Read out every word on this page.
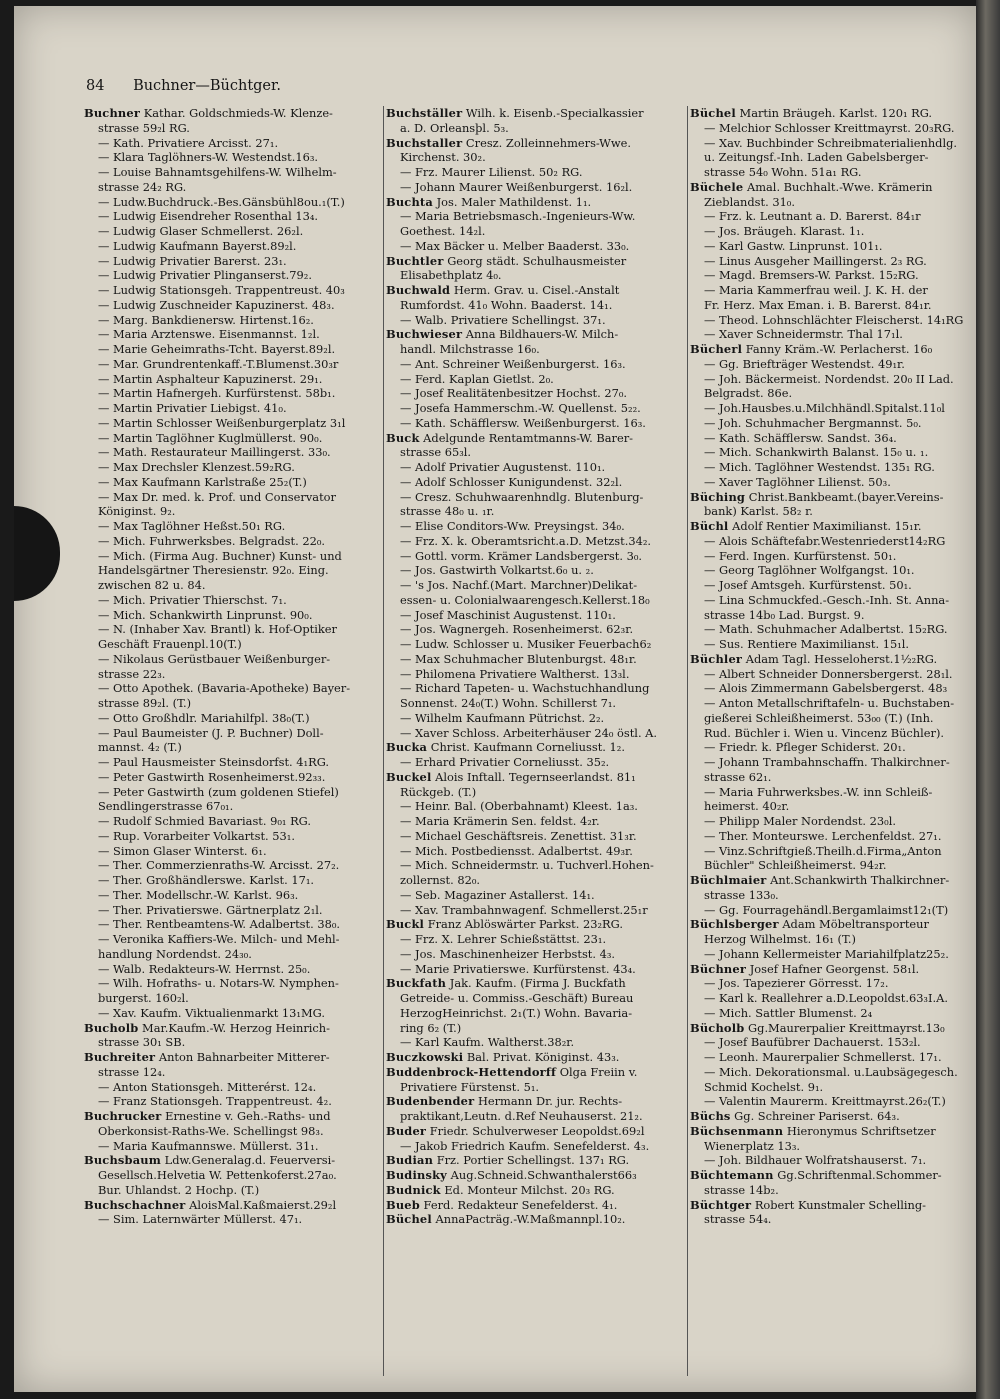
84 Buchner—Büchtger.
Buchner Kathar. Goldschmieds-W. Klenze-
strasse 59₂l RG.
— Kath. Privatiere Arcisst. 27₁.
— Klara Taglöhners-W. Westendst.16₃.
— Louise Bahnamtsgehilfens-W. Wilhelm-
strasse 24₂ RG.
— Ludw.Buchdruck.-Bes.Gänsbühl8ou.₁(T.)
— Ludwig Eisendreher Rosenthal 13₄.
— Ludwig Glaser Schmellerst. 26₂l.
— Ludwig Kaufmann Bayerst.89₂l.
— Ludwig Privatier Barerst. 23₁.
— Ludwig Privatier Plinganserst.79₂.
— Ludwig Stationsgeh. Trappentreust. 40₃
— Ludwig Zuschneider Kapuzinerst. 48₃.
— Marg. Bankdienersw. Hirtenst.16₂.
— Maria Arztenswe. Eisenmannst. 1₂l.
— Marie Geheimraths-Tcht. Bayerst.89₂l.
— Mar. Grundrentenkaff.-T.Blumenst.30₃r
— Martin Asphalteur Kapuzinerst. 29₁.
— Martin Hafnergeh. Kurfürstenst. 58b₁.
— Martin Privatier Liebigst. 41₀.
— Martin Schlosser Weißenburgerplatz 3₁l
— Martin Taglöhner Kuglmüllerst. 90₀.
— Math. Restaurateur Maillingerst. 33₀.
— Max Drechsler Klenzest.59₂RG.
— Max Kaufmann Karlstraße 25₂(T.)
— Max Dr. med. k. Prof. und Conservator
Königinst. 9₂.
— Max Taglöhner Heßst.50₁ RG.
— Mich. Fuhrwerksbes. Belgradst. 22₀.
— Mich. (Firma Aug. Buchner) Kunst- und
Handelsgärtner Theresienstr. 92₀. Eing.
zwischen 82 u. 84.
— Mich. Privatier Thierschst. 7₁.
— Mich. Schankwirth Linprunst. 90₀.
— N. (Inhaber Xav. Brantl) k. Hof-Optiker
Geschäft Frauenpl.10(T.)
— Nikolaus Gerüstbauer Weißenburger-
strasse 22₃.
— Otto Apothek. (Bavaria-Apotheke) Bayer-
strasse 89₂l. (T.)
— Otto Großhdlr. Mariahilfpl. 38₀(T.)
— Paul Baumeister (J. P. Buchner) Doll-
mannst. 4₂ (T.)
— Paul Hausmeister Steinsdorfst. 4₁RG.
— Peter Gastwirth Rosenheimerst.92₃₃.
— Peter Gastwirth (zum goldenen Stiefel)
Sendlingerstrasse 67₀₁.
— Rudolf Schmied Bavariast. 9₀₁ RG.
— Rup. Vorarbeiter Volkartst. 53₁.
— Simon Glaser Winterst. 6₁.
— Ther. Commerzienraths-W. Arcisst. 27₂.
— Ther. Großhändlerswe. Karlst. 17₁.
— Ther. Modellschr.-W. Karlst. 96₃.
— Ther. Privatierswe. Gärtnerplatz 2₁l.
— Ther. Rentbeamtens-W. Adalbertst. 38₀.
— Veronika Kaffiers-We. Milch- und Mehl-
handlung Nordendst. 24₃₀.
— Walb. Redakteurs-W. Herrnst. 25₀.
— Wilh. Hofraths- u. Notars-W. Nymphen-
burgerst. 160₂l.
— Xav. Kaufm. Viktualienmarkt 13₁MG.
Bucholb Mar.Kaufm.-W. Herzog Heinrich-
strasse 30₁ SB.
Buchreiter Anton Bahnarbeiter Mitterer-
strasse 12₄.
— Anton Stationsgeh. Mitterérst. 12₄.
— Franz Stationsgeh. Trappentreust. 4₂.
Buchrucker Ernestine v. Geh.-Raths- und
Oberkonsist-Raths-We. Schellingst 98₃.
— Maria Kaufmannswe. Müllerst. 31₁.
Buchsbaum Ldw.Generalag.d. Feuerversi-
Gesellsch.Helvetia W. Pettenkoferst.27a₀.
Bur. Uhlandst. 2 Hochp. (T.)
Buchschachner AloisMal.Kaßmaierst.29₂l
— Sim. Laternwärter Müllerst. 47₁.
Buchställer Wilh. k. Eisenb.-Specialkassier
a. D. Orleansþl. 5₃.
Buchstaller Cresz. Zolleinnehmers-Wwe.
Kirchenst. 30₂.
— Frz. Maurer Lilienst. 50₂ RG.
— Johann Maurer Weißenburgerst. 16₂l.
Buchta Jos. Maler Mathildenst. 1₁.
— Maria Betriebsmasch.-Ingenieurs-Ww.
Goethest. 14₂l.
— Max Bäcker u. Melber Baaderst. 33₀.
Buchtler Georg städt. Schulhausmeister
Elisabethplatz 4₀.
Buchwald Herm. Grav. u. Cisel.-Anstalt
Rumfordst. 41₀ Wohn. Baaderst. 14₁.
— Walb. Privatiere Schellingst. 37₁.
Buchwieser Anna Bildhauers-W. Milch-
handl. Milchstrasse 16₀.
— Ant. Schreiner Weißenburgerst. 16₃.
— Ferd. Kaplan Gietlst. 2₀.
— Josef Realitätenbesitzer Hochst. 27₀.
— Josefa Hammerschm.-W. Quellenst. 5₂₂.
— Kath. Schäfflersw. Weißenburgerst. 16₃.
Buck Adelgunde Rentamtmanns-W. Barer-
strasse 65₃l.
— Adolf Privatier Augustenst. 110₁.
— Adolf Schlosser Kunigundenst. 32₂l.
— Cresz. Schuhwaarenhndlg. Blutenburg-
strasse 48₀ u. ₁r.
— Elise Conditors-Ww. Preysingst. 34₀.
— Frz. X. k. Oberamtsricht.a.D. Metzst.34₂.
— Gottl. vorm. Krämer Landsbergerst. 3₀.
— Jos. Gastwirth Volkartst.6₀ u. ₂.
— 's Jos. Nachf.(Mart. Marchner)Delikat-
essen- u. Colonialwaarengesch.Kellerst.18₀
— Josef Maschinist Augustenst. 110₁.
— Jos. Wagnergeh. Rosenheimerst. 62₃r.
— Ludw. Schlosser u. Musiker Feuerbach6₂
— Max Schuhmacher Blutenburgst. 48₁r.
— Philomena Privatiere Waltherst. 13₃l.
— Richard Tapeten- u. Wachstuchhandlung
Sonnenst. 24₀(T.) Wohn. Schillerst 7₁.
— Wilhelm Kaufmann Pütrichst. 2₂.
— Xaver Schloss. Arbeiterhäuser 24₀ östl. A.
Bucka Christ. Kaufmann Corneliusst. 1₂.
— Erhard Privatier Corneliusst. 35₂.
Buckel Alois Inftall. Tegernseerlandst. 81₁
Rückgeb. (T.)
— Heinr. Bal. (Oberbahnamt) Kleest. 1a₃.
— Maria Krämerin Sen. feldst. 4₂r.
— Michael Geschäftsreis. Zenettist. 31₃r.
— Mich. Postbediensst. Adalbertst. 49₃r.
— Mich. Schneidermstr. u. Tuchverl.Hohen-
zollernst. 82₀.
— Seb. Magaziner Astallerst. 14₁.
— Xav. Trambahnwagenf. Schmellerst.25₁r
Buckl Franz Ablöswärter Parkst. 23₂RG.
— Frz. X. Lehrer Schießstättst. 23₁.
— Jos. Maschinenheizer Herbstst. 4₃.
— Marie Privatierswe. Kurfürstenst. 43₄.
Buckfath Jak. Kaufm. (Firma J. Buckfath
Getreide- u. Commiss.-Geschäft) Bureau
HerzogHeinrichst. 2₁(T.) Wohn. Bavaria-
ring 6₂ (T.)
— Karl Kaufm. Waltherst.38₂r.
Buczkowski Bal. Privat. Königinst. 43₃.
Buddenbrock-Hettendorff Olga Freiin v.
Privatiere Fürstenst. 5₁.
Budenbender Hermann Dr. jur. Rechts-
praktikant,Leutn. d.Ref Neuhauserst. 21₂.
Buder Friedr. Schulverweser Leopoldst.69₂l
— Jakob Friedrich Kaufm. Senefelderst. 4₃.
Budian Frz. Portier Schellingst. 137₁ RG.
Budinsky Aug.Schneid.Schwanthalerst66₃
Budnick Ed. Monteur Milchst. 20₃ RG.
Bueb Ferd. Redakteur Senefelderst. 4₁.
Büchel AnnaPacträg.-W.Maßmannpl.10₂.
Büchel Martin Bräugeh. Karlst. 120₁ RG.
— Melchior Schlosser Kreittmayrst. 20₃RG.
— Xav. Buchbinder Schreibmaterialienhdlg.
u. Zeitungsf.-Inh. Laden Gabelsberger-
strasse 54₀ Wohn. 51a₁ RG.
Büchele Amal. Buchhalt.-Wwe. Krämerin
Zieblandst. 31₀.
— Frz. k. Leutnant a. D. Barerst. 84₁r
— Jos. Bräugeh. Klarast. 1₁.
— Karl Gastw. Linprunst. 101₁.
— Linus Ausgeher Maillingerst. 2₃ RG.
— Magd. Bremsers-W. Parkst. 15₂RG.
— Maria Kammerfrau weil. J. K. H. der
Fr. Herz. Max Eman. i. B. Barerst. 84₁r.
— Theod. Lohnschlächter Fleischerst. 14₁RG
— Xaver Schneidermstr. Thal 17₁l.
Bücherl Fanny Kräm.-W. Perlacherst. 16₀
— Gg. Briefträger Westendst. 49₁r.
— Joh. Bäckermeist. Nordendst. 20₀ II Lad.
Belgradst. 86e.
— Joh.Hausbes.u.Milchhändl.Spitalst.11₀l
— Joh. Schuhmacher Bergmannst. 5₀.
— Kath. Schäfflersw. Sandst. 36₄.
— Mich. Schankwirth Balanst. 15₀ u. ₁.
— Mich. Taglöhner Westendst. 135₁ RG.
— Xaver Taglöhner Lilienst. 50₃.
Büching Christ.Bankbeamt.(bayer.Vereins-
bank) Karlst. 58₂ r.
Büchl Adolf Rentier Maximilianst. 15₁r.
— Alois Schäftefabr.Westenriederst14₂RG
— Ferd. Ingen. Kurfürstenst. 50₁.
— Georg Taglöhner Wolfgangst. 10₁.
— Josef Amtsgeh. Kurfürstenst. 50₁.
— Lina Schmuckfed.-Gesch.-Inh. St. Anna-
strasse 14b₀ Lad. Burgst. 9.
— Math. Schuhmacher Adalbertst. 15₂RG.
— Sus. Rentiere Maximilianst. 15₁l.
Büchler Adam Tagl. Hesseloherst.1½₂RG.
— Albert Schneider Donnersbergerst. 28₁l.
— Alois Zimmermann Gabelsbergerst. 48₃
— Anton Metallschriftafeln- u. Buchstaben-
gießerei Schleißheimerst. 53₀₀ (T.) (Inh.
Rud. Büchler i. Wien u. Vincenz Büchler).
— Friedr. k. Pfleger Schiderst. 20₁.
— Johann Trambahnschaffn. Thalkirchner-
strasse 62₁.
— Maria Fuhrwerksbes.-W. inn Schleiß-
heimerst. 40₂r.
— Philipp Maler Nordendst. 23₀l.
— Ther. Monteurswe. Lerchenfeldst. 27₁.
— Vinz.Schriftgieß.Theilh.d.Firma„Anton
Büchler" Schleißheimerst. 94₂r.
Büchlmaier Ant.Schankwirth Thalkirchner-
strasse 133₀.
— Gg. Fourragehändl.Bergamlaimst12₁(T)
Büchlsberger Adam Möbeltransporteur
Herzog Wilhelmst. 16₁ (T.)
— Johann Kellermeister Mariahilfplatz25₂.
Büchner Josef Hafner Georgenst. 58₁l.
— Jos. Tapezierer Görresst. 17₂.
— Karl k. Reallehrer a.D.Leopoldst.63₃I.A.
— Mich. Sattler Blumenst. 2₄
Bücholb Gg.Maurerpalier Kreittmayrst.13₀
— Josef Baufübrer Dachauerst. 153₂l.
— Leonh. Maurerpalier Schmellerst. 17₁.
— Mich. Dekorationsmal. u.Laubsägegesch.
Schmid Kochelst. 9₁.
— Valentin Maurerm. Kreittmayrst.26₂(T.)
Büchs Gg. Schreiner Pariserst. 64₃.
Büchsenmann Hieronymus Schriftsetzer
Wienerplatz 13₃.
— Joh. Bildhauer Wolfratshauserst. 7₁.
Büchtemann Gg.Schriftenmal.Schommer-
strasse 14b₂.
Büchtger Robert Kunstmaler Schelling-
strasse 54₄.
